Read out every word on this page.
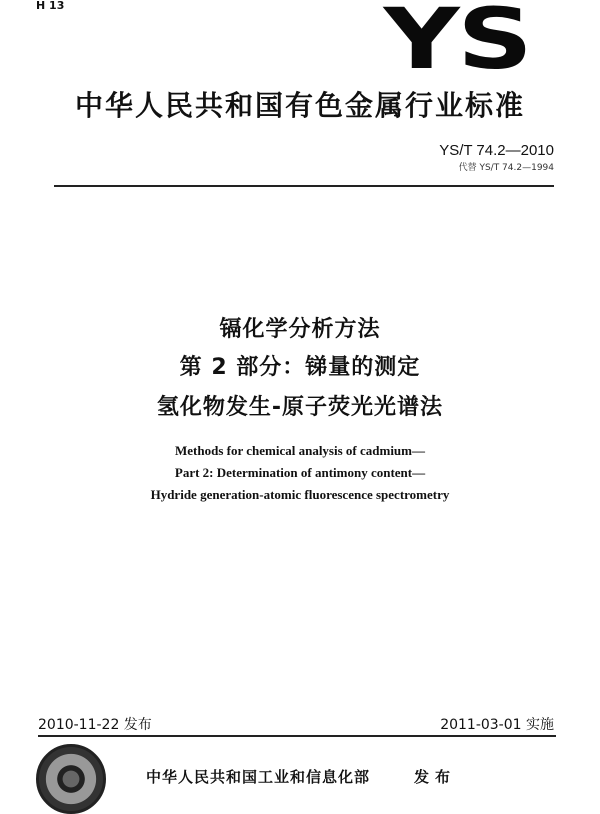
H 13	YS
中华人民共和国有色金属行业标准
YS/T 74.2—2010
代替 YS/T 74.2—1994
镉化学分析方法
第 2 部分：锑量的测定
氢化物发生-原子荧光光谱法
Methods for chemical analysis of cadmium—
Part 2: Determination of antimony content—
Hydride generation-atomic fluorescence spectrometry
2010-11-22 发布	2011-03-01 实施
中华人民共和国工业和信息化部	发布
